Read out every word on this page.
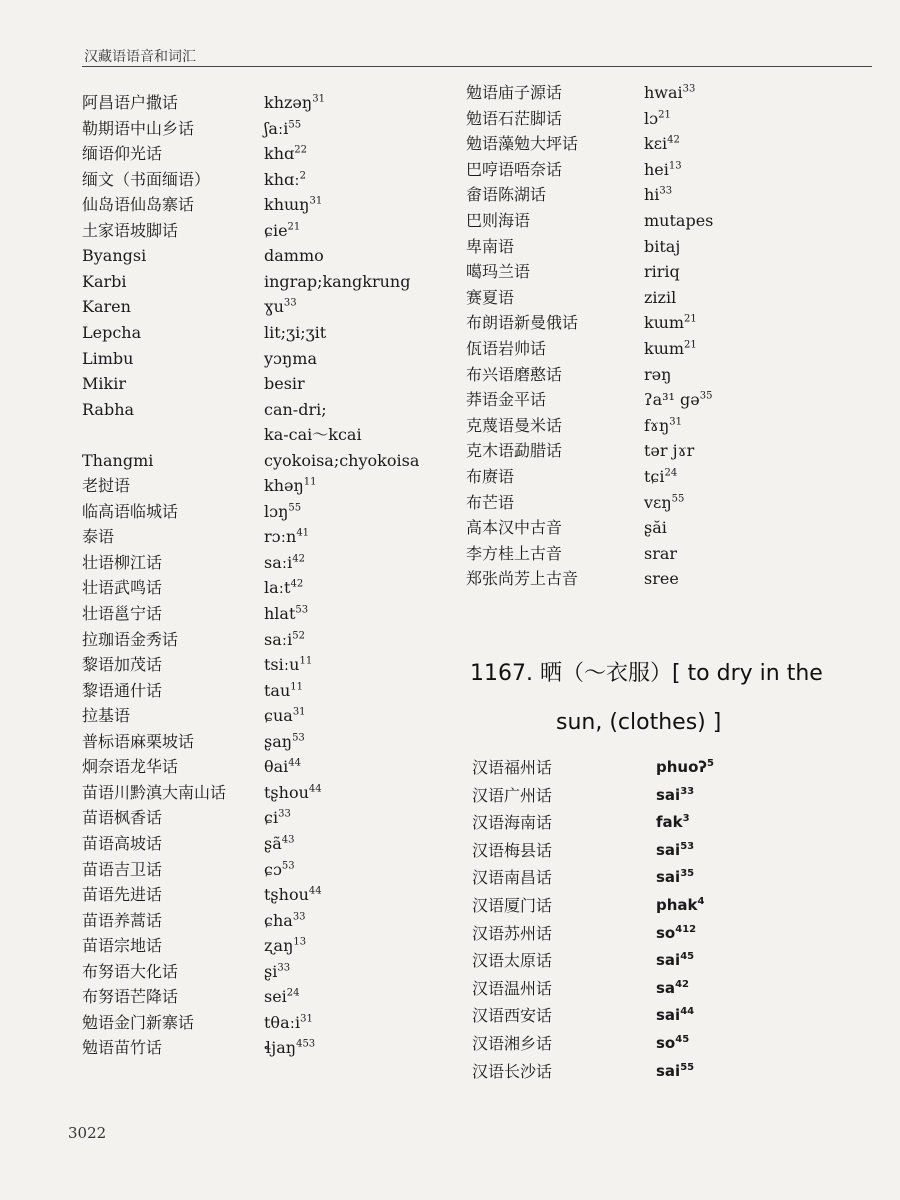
汉藏语语音和词汇
阿昌语户撒话	khzəŋ$^{31}$
勒期语中山乡话	ʃaːi$^{55}$
缅语仰光话	khɑ$^{22}$
缅文（书面缅语）	khɑː$^2$
仙岛语仙岛寨话	khɯŋ$^{31}$
土家语坡脚话	ɕie$^{21}$
Byangsi	dammo
Karbi	ingrap;kangkrung
Karen	ɣu$^{33}$
Lepcha	lit;ʒi;ʒit
Limbu	yɔŋma
Mikir	besir
Rabha	can-dri;
ka-cai～kcai
Thangmi	cyokoisa;chyokoisa
老挝语	khəŋ$^{11}$
临高语临城话	lɔŋ$^{55}$
泰语	rɔːn$^{41}$
壮语柳江话	saːi$^{42}$
壮语武鸣话	laːt$^{42}$
壮语邕宁话	hlat$^{53}$
拉珈语金秀话	saːi$^{52}$
黎语加茂话	tsiːu$^{11}$
黎语通什话	tau$^{11}$
拉基语	ɕua$^{31}$
普标语麻栗坡话	ʂaŋ$^{53}$
炯奈语龙华话	θai$^{44}$
苗语川黔滇大南山话 tʂhou$^{44}$
苗语枫香话	ɕi$^{33}$
苗语高坡话	ʂã$^{43}$
苗语吉卫话	ɕɔ$^{53}$
苗语先进话	tʂhou$^{44}$
苗语养蒿话	ɕha$^{33}$
苗语宗地话	ʐaŋ$^{13}$
布努语大化话	ʂi$^{33}$
布努语芒降话	sei$^{24}$
勉语金门新寨话	tθaːi$^{31}$
勉语苗竹话	ɬjaŋ$^{453}$
勉语庙子源话	hwai$^{33}$
勉语石茫脚话	lɔ$^{21}$
勉语藻勉大坪话	kɛi$^{42}$
巴哼语唔奈话	hei$^{13}$
畲语陈湖话	$hi^{33}$
巴则海语	mutapes
卑南语	bitaj
噶玛兰语	ririq
赛夏语	zizil
布朗语新曼俄话	kɯm$^{21}$
佤语岩帅话	kɯm$^{21}$
布兴语磨憨话	rəŋ
莽语金平话	ʔa³¹ gə$^{35}$
克蔑语曼米话	fɤŋ$^{31}$
克木语勐腊话	tər jɤr
布赓语	tɕi$^{24}$
布芒语	vɛŋ$^{55}$
高本汉中古音	ʂăi
李方桂上古音	srar
郑张尚芳上古音	sree
1167. 晒（～衣服）[ to dry in the
sun, (clothes) ]
汉语福州话	phuoʔ$^5$
汉语广州话	sai$^{33}$
汉语海南话	fak$^3$
汉语梅县话	sai$^{53}$
汉语南昌话	sai$^{35}$
汉语厦门话	phak$^4$
汉语苏州话	$so^{412}$
汉语太原话	sai$^{45}$
汉语温州话	$sa^{42}$
汉语西安话	sai$^{44}$
汉语湘乡话	$so^{45}$
汉语长沙话	sai$^{55}$
3022
